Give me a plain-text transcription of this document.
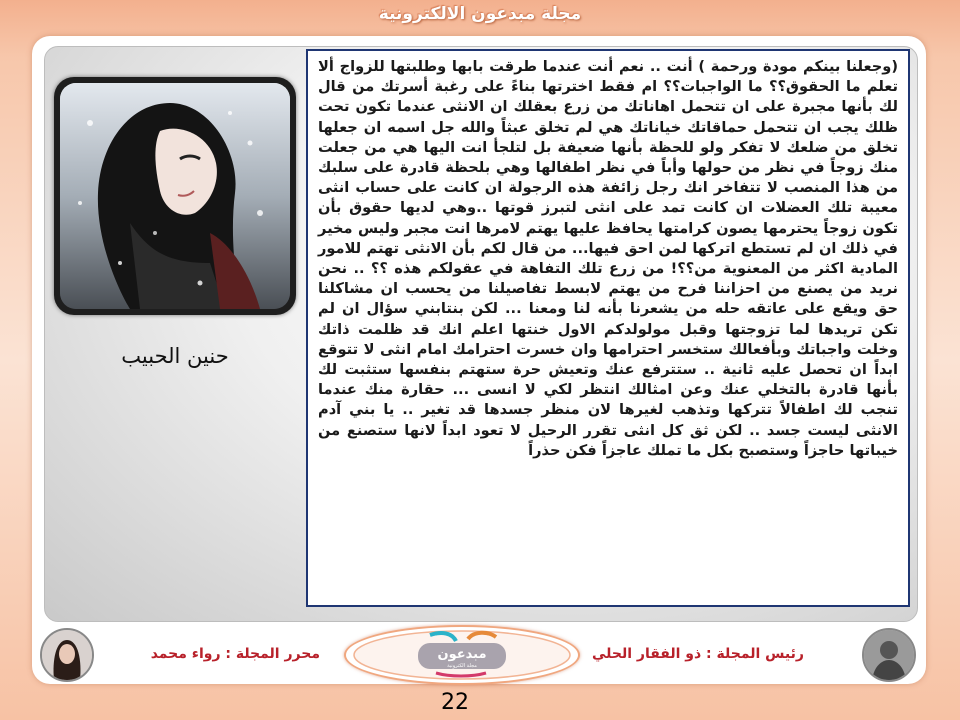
مجلة مبدعون الالكترونية
حنين الحبيب
(وجعلنا بينكم مودة ورحمة ) أنت .. نعم أنت عندما طرقت بابها وطلبتها للزواج ألا تعلم ما الحقوق؟؟ ما الواجبات؟؟ ام فقط اخترتها بناءً على رغبة أسرتك من قال لك بأنها مجبرة على ان تتحمل اهاناتك من زرع بعقلك ان الانثى عندما تكون تحت ظلك يجب ان تتحمل حماقاتك خياناتك هي لم تخلق عبثاً والله جل اسمه ان جعلها تخلق من ضلعك لا تفكر ولو للحظة بأنها ضعيفة بل لتلجأ انت اليها هي من جعلت منك زوجاً في نظر من حولها وأباً في نظر اطفالها وهي بلحظة قادرة على سلبك من هذا المنصب لا تتفاخر انك رجل زائفة هذه الرجولة ان كانت على حساب انثى معيبة تلك العضلات ان كانت تمد على انثى لتبرز قوتها ..وهي لديها حقوق بأن تكون زوجاً يحترمها يصون كرامتها يحافظ عليها يهتم لامرها انت مجبر وليس مخير في ذلك ان لم تستطع اتركها لمن احق فيها... من قال لكم بأن الانثى تهتم للامور المادية اكثر من المعنوية من؟؟! من زرع تلك التفاهة في عقولكم هذه ؟؟ .. نحن نريد من يصنع من احزاننا فرح من يهتم لابسط تفاصيلنا من يحسب ان مشاكلنا حق ويقع على عاتقه حله من يشعرنا بأنه لنا ومعنا ... لكن بنتابني سؤال ان لم تكن تريدها لما تزوجتها وقبل مولولدكم الاول خنتها اعلم انك قد ظلمت ذاتك وخلت واجباتك وبأفعالك ستخسر احترامها وان خسرت احترامك امام انثى لا تتوقع ابداً ان تحصل عليه ثانية .. ستترفع عنك وتعيش حرة ستهتم بنفسها ستثبت لك بأنها قادرة بالتخلي عنك وعن امثالك انتظر لكي لا انسى ... حقارة منك عندما تنجب لك اطفالاً تتركها وتذهب لغيرها لان منظر جسدها قد تغير .. يا بني آدم الانثى ليست جسد .. لكن ثق كل انثى تقرر الرحيل لا تعود ابداً لانها ستصنع من خيباتها حاجزاً وستصبح بكل ما تملك عاجزاً فكن حذراً
محرر المجلة : رواء محمد	مبدعون
مجلة الكترونية
رئيس المجلة : ذو الفقار الحلي
22
